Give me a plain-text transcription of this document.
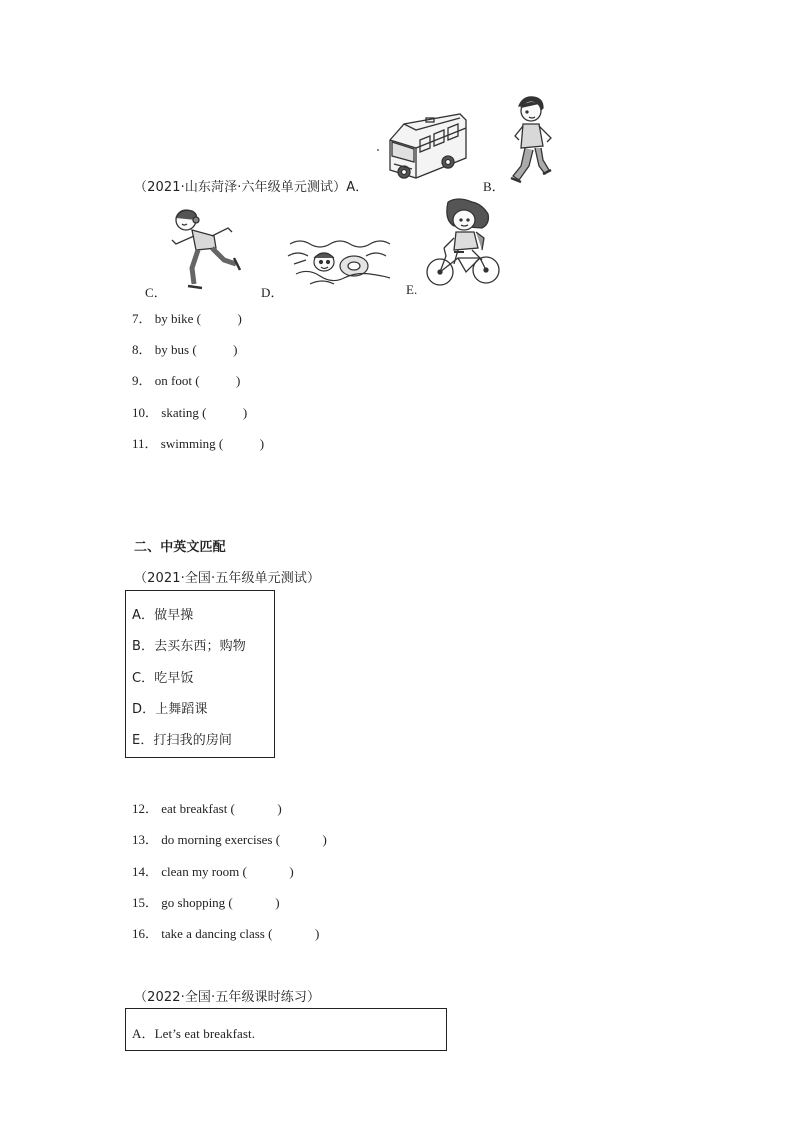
（2021·山东菏泽·六年级单元测试）A．	B．
C．	D．	E.
7． by bike (	)
8． by bus (	)
9． on foot (	)
10． skating (	)
11． swimming (	)
二、中英文匹配
（2021·全国·五年级单元测试）
A．做早操
B．去买东西；购物
C．吃早饭
D．上舞蹈课
E．打扫我的房间
12． eat breakfast (	)
13． do morning exercises (	)
14． clean my room (	)
15． go shopping (	)
16． take a dancing class (	)
（2022·全国·五年级课时练习）
A．Let’s eat breakfast.
